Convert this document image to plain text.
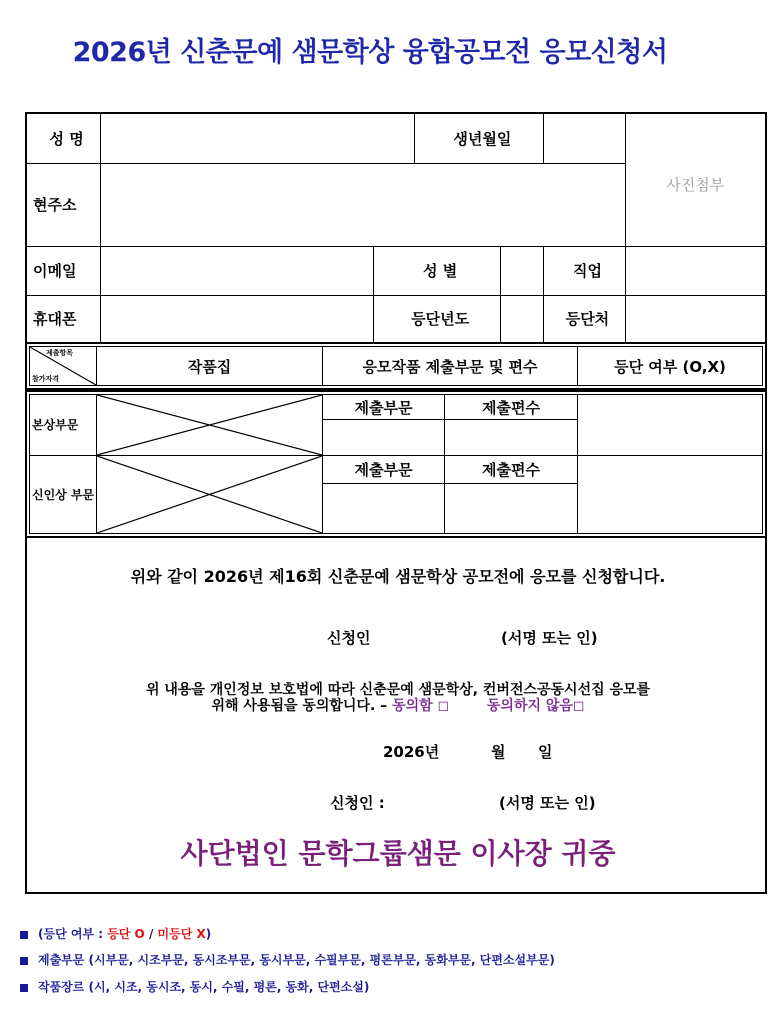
2026년 신춘문예 샘문학상 융합공모전 응모신청서
성 명			생년월일			사진첨부
현주소						
이메일		성 별			직업	
휴대폰		등단년도			등단처	
제출항목
참가자격
	작품집	응모작품 제출부문 및 편수	등단 여부 (O,X)
본상부문		제출부문	제출편수	

신인상 부문		제출부문	제출편수	

위와 같이 2026년 제16회 신춘문예 샘문학상 공모전에 응모를 신청합니다.
신청인	(서명 또는 인)
위 내용을 개인정보 보호법에 따라 신춘문예 샘문학상, 컨버전스공동시선집 응모를
위해 사용됨을 동의합니다. – 동의함 ◻	동의하지 않음◻
2026년	월 일
신청인 :	(서명 또는 인)
사단법인 문학그룹샘문 이사장 귀중
(등단 여부 : 등단 O / 미등단 X)
제출부문 (시부문, 시조부문, 동시조부문, 동시부문, 수필부문, 평론부문, 동화부문, 단편소설부문)
작품장르 (시, 시조, 동시조, 동시, 수필, 평론, 동화, 단편소설)
